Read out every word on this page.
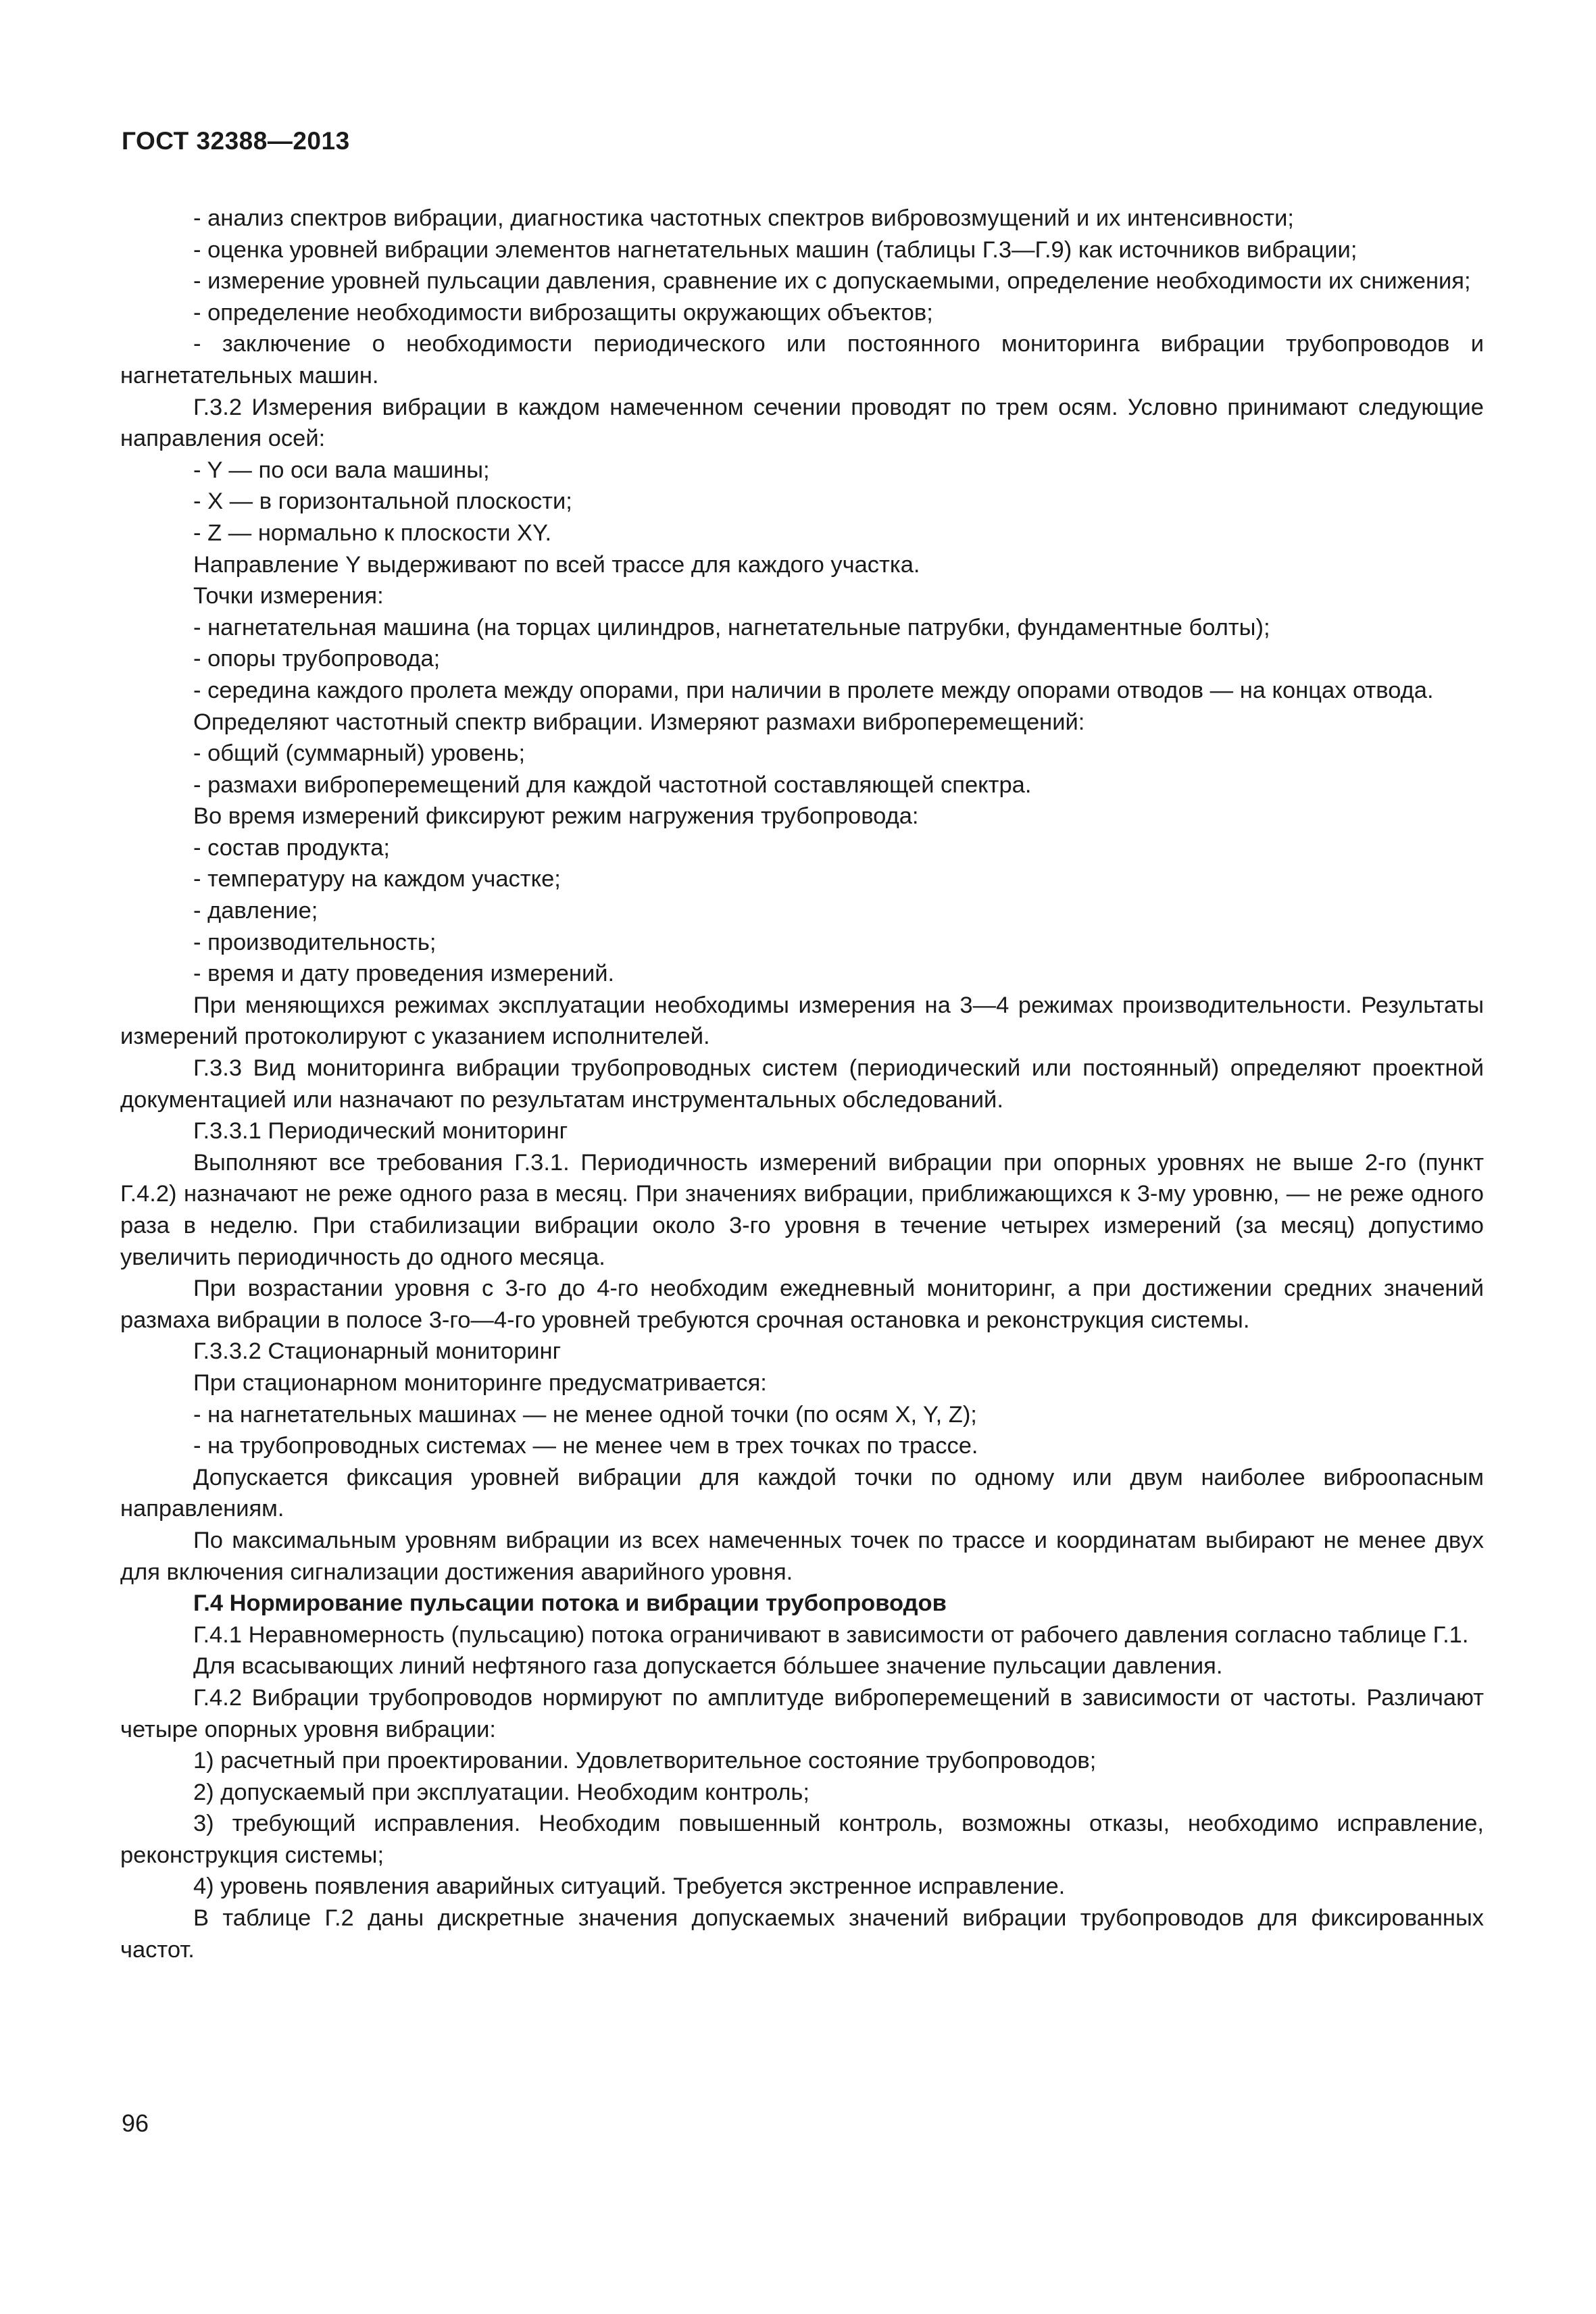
ГОСТ 32388—2013

- анализ спектров вибрации, диагностика частотных спектров вибровозмущений и их интенсивности;

- оценка уровней вибрации элементов нагнетательных машин (таблицы Г.3—Г.9) как источников вибрации;

- измерение уровней пульсации давления, сравнение их с допускаемыми, определение необходимости их снижения;

- определение необходимости виброзащиты окружающих объектов;

- заключение о необходимости периодического или постоянного мониторинга вибрации трубопроводов и нагнетательных машин.

Г.3.2 Измерения вибрации в каждом намеченном сечении проводят по трем осям. Условно принимают следующие направления осей:

- Y — по оси вала машины;

- X — в горизонтальной плоскости;

- Z — нормально к плоскости XY.

Направление Y выдерживают по всей трассе для каждого участка.

Точки измерения:

- нагнетательная машина (на торцах цилиндров, нагнетательные патрубки, фундаментные болты);

- опоры трубопровода;

- середина каждого пролета между опорами, при наличии в пролете между опорами отводов — на концах отвода.

Определяют частотный спектр вибрации. Измеряют размахи виброперемещений:

- общий (суммарный) уровень;

- размахи виброперемещений для каждой частотной составляющей спектра.

Во время измерений фиксируют режим нагружения трубопровода:

- состав продукта;

- температуру на каждом участке;

- давление;

- производительность;

- время и дату проведения измерений.

При меняющихся режимах эксплуатации необходимы измерения на 3—4 режимах производительности. Результаты измерений протоколируют с указанием исполнителей.

Г.3.3 Вид мониторинга вибрации трубопроводных систем (периодический или постоянный) определяют проектной документацией или назначают по результатам инструментальных обследований.

Г.3.3.1 Периодический мониторинг

Выполняют все требования Г.3.1. Периодичность измерений вибрации при опорных уровнях не выше 2-го (пункт Г.4.2) назначают не реже одного раза в месяц. При значениях вибрации, приближающихся к 3-му уровню, — не реже одного раза в неделю. При стабилизации вибрации около 3-го уровня в течение четырех измерений (за месяц) допустимо увеличить периодичность до одного месяца.

При возрастании уровня с 3-го до 4-го необходим ежедневный мониторинг, а при достижении средних значений размаха вибрации в полосе 3-го—4-го уровней требуются срочная остановка и реконструкция системы.

Г.3.3.2 Стационарный мониторинг

При стационарном мониторинге предусматривается:

- на нагнетательных машинах — не менее одной точки (по осям X, Y, Z);

- на трубопроводных системах — не менее чем в трех точках по трассе.

Допускается фиксация уровней вибрации для каждой точки по одному или двум наиболее виброопасным направлениям.

По максимальным уровням вибрации из всех намеченных точек по трассе и координатам выбирают не менее двух для включения сигнализации достижения аварийного уровня.

Г.4 Нормирование пульсации потока и вибрации трубопроводов

Г.4.1 Неравномерность (пульсацию) потока ограничивают в зависимости от рабочего давления согласно таблице Г.1.

Для всасывающих линий нефтяного газа допускается бóльшее значение пульсации давления.

Г.4.2 Вибрации трубопроводов нормируют по амплитуде виброперемещений в зависимости от частоты. Различают четыре опорных уровня вибрации:

1) расчетный при проектировании. Удовлетворительное состояние трубопроводов;

2) допускаемый при эксплуатации. Необходим контроль;

3) требующий исправления. Необходим повышенный контроль, возможны отказы, необходимо исправление, реконструкция системы;

4) уровень появления аварийных ситуаций. Требуется экстренное исправление.

В таблице Г.2 даны дискретные значения допускаемых значений вибрации трубопроводов для фиксированных частот.

96
